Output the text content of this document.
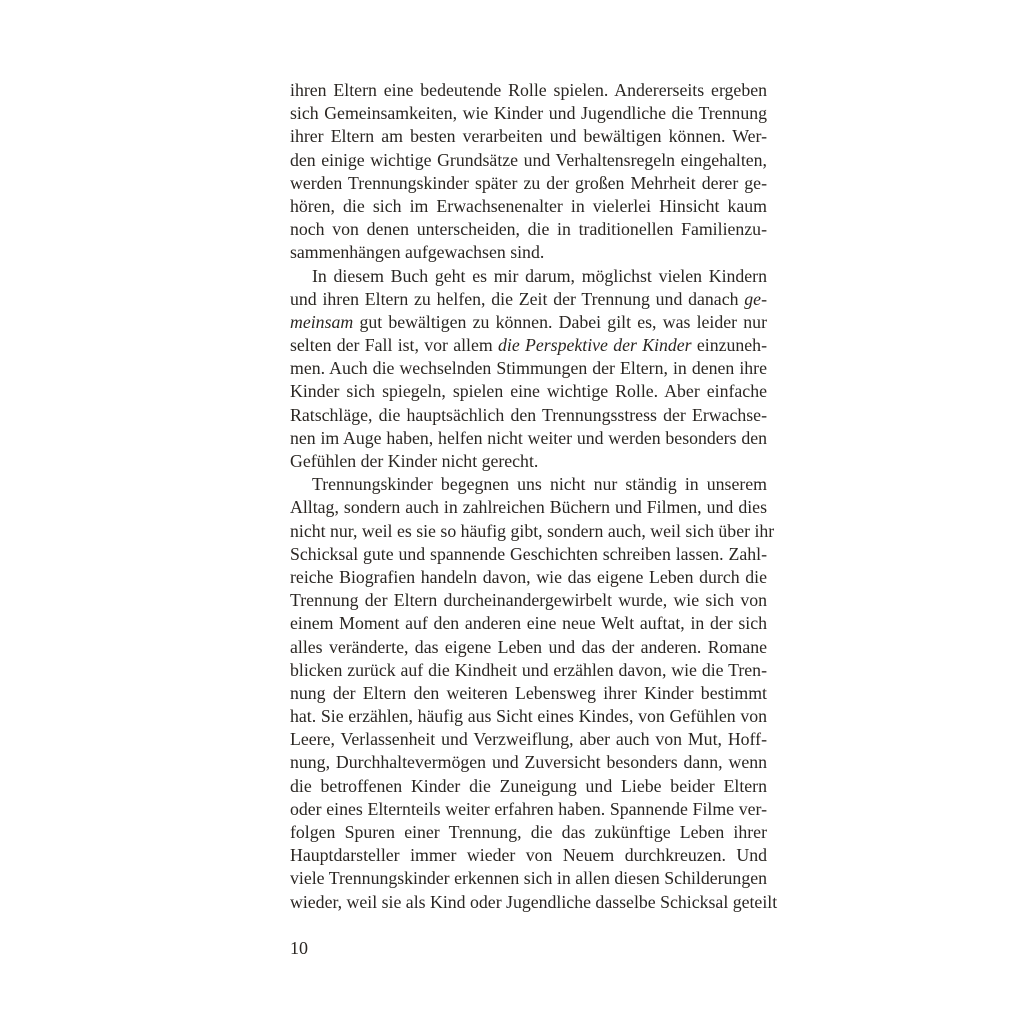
ihren Eltern eine bedeutende Rolle spielen. Andererseits ergeben
sich Gemeinsamkeiten, wie Kinder und Jugendliche die Trennung
ihrer Eltern am besten verarbeiten und bewältigen können. Wer-
den einige wichtige Grundsätze und Verhaltensregeln eingehalten,
werden Trennungskinder später zu der großen Mehrheit derer ge-
hören, die sich im Erwachsenenalter in vielerlei Hinsicht kaum
noch von denen unterscheiden, die in traditionellen Familienzu-
sammenhängen aufgewachsen sind.
In diesem Buch geht es mir darum, möglichst vielen Kindern
und ihren Eltern zu helfen, die Zeit der Trennung und danach ge-
meinsam gut bewältigen zu können. Dabei gilt es, was leider nur
selten der Fall ist, vor allem die Perspektive der Kinder einzuneh-
men. Auch die wechselnden Stimmungen der Eltern, in denen ihre
Kinder sich spiegeln, spielen eine wichtige Rolle. Aber einfache
Ratschläge, die hauptsächlich den Trennungsstress der Erwachse-
nen im Auge haben, helfen nicht weiter und werden besonders den
Gefühlen der Kinder nicht gerecht.
Trennungskinder begegnen uns nicht nur ständig in unserem
Alltag, sondern auch in zahlreichen Büchern und Filmen, und dies
nicht nur, weil es sie so häufig gibt, sondern auch, weil sich über ihr
Schicksal gute und spannende Geschichten schreiben lassen. Zahl-
reiche Biografien handeln davon, wie das eigene Leben durch die
Trennung der Eltern durcheinandergewirbelt wurde, wie sich von
einem Moment auf den anderen eine neue Welt auftat, in der sich
alles veränderte, das eigene Leben und das der anderen. Romane
blicken zurück auf die Kindheit und erzählen davon, wie die Tren-
nung der Eltern den weiteren Lebensweg ihrer Kinder bestimmt
hat. Sie erzählen, häufig aus Sicht eines Kindes, von Gefühlen von
Leere, Verlassenheit und Verzweiflung, aber auch von Mut, Hoff-
nung, Durchhaltevermögen und Zuversicht besonders dann, wenn
die betroffenen Kinder die Zuneigung und Liebe beider Eltern
oder eines Elternteils weiter erfahren haben. Spannende Filme ver-
folgen Spuren einer Trennung, die das zukünftige Leben ihrer
Hauptdarsteller immer wieder von Neuem durchkreuzen. Und
viele Trennungskinder erkennen sich in allen diesen Schilderungen
wieder, weil sie als Kind oder Jugendliche dasselbe Schicksal geteilt
10
